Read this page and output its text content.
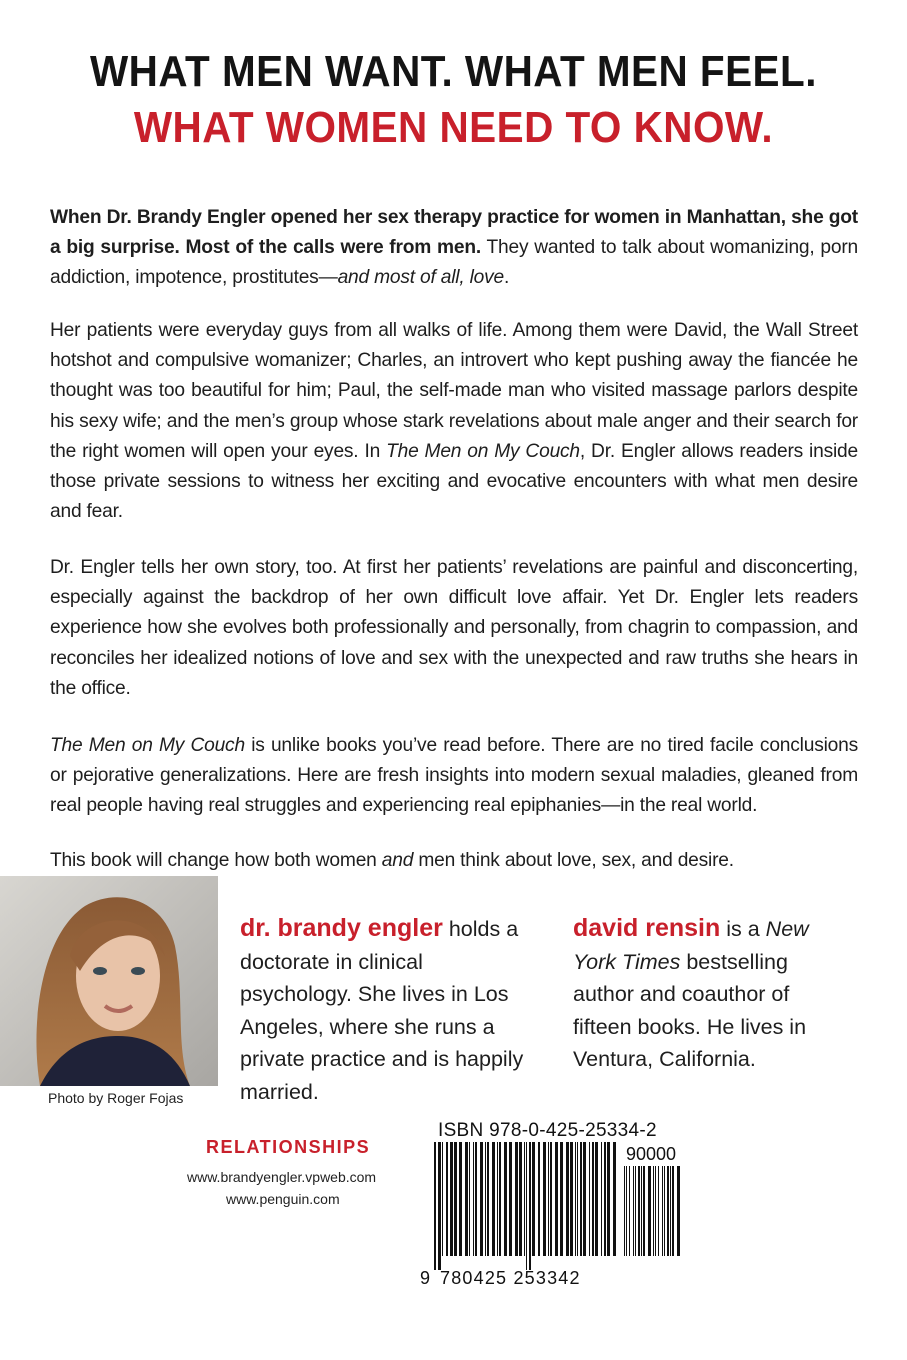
WHAT MEN WANT. WHAT MEN FEEL.
WHAT WOMEN NEED TO KNOW.

When Dr. Brandy Engler opened her sex therapy practice for women in Manhattan, she got a big surprise. Most of the calls were from men. They wanted to talk about womanizing, porn addiction, impotence, prostitutes—and most of all, love.

Her patients were everyday guys from all walks of life. Among them were David, the Wall Street hotshot and compulsive womanizer; Charles, an introvert who kept pushing away the fiancée he thought was too beautiful for him; Paul, the self-made man who visited massage parlors despite his sexy wife; and the men’s group whose stark revelations about male anger and their search for the right women will open your eyes. In The Men on My Couch, Dr. Engler allows readers inside those private sessions to witness her exciting and evocative encounters with what men desire and fear.

Dr. Engler tells her own story, too. At first her patients’ revelations are painful and disconcerting, especially against the backdrop of her own difficult love affair. Yet Dr. Engler lets readers experience how she evolves both professionally and personally, from chagrin to compassion, and reconciles her idealized notions of love and sex with the unexpected and raw truths she hears in the office.

The Men on My Couch is unlike books you’ve read before. There are no tired facile conclusions or pejorative generalizations. Here are fresh insights into modern sexual maladies, gleaned from real people having real struggles and experiencing real epiphanies—in the real world.

This book will change how both women and men think about love, sex, and desire.

Photo by Roger Fojas
dr. brandy engler holds a doctorate in clinical psychology. She lives in Los Angeles, where she runs a private practice and is happily married.
david rensin is a New York Times bestselling author and coauthor of fifteen books. He lives in Ventura, California.
RELATIONSHIPS
www.brandyengler.vpweb.com
www.penguin.com
ISBN 978-0-425-25334-2
90000
9 780425 253342
